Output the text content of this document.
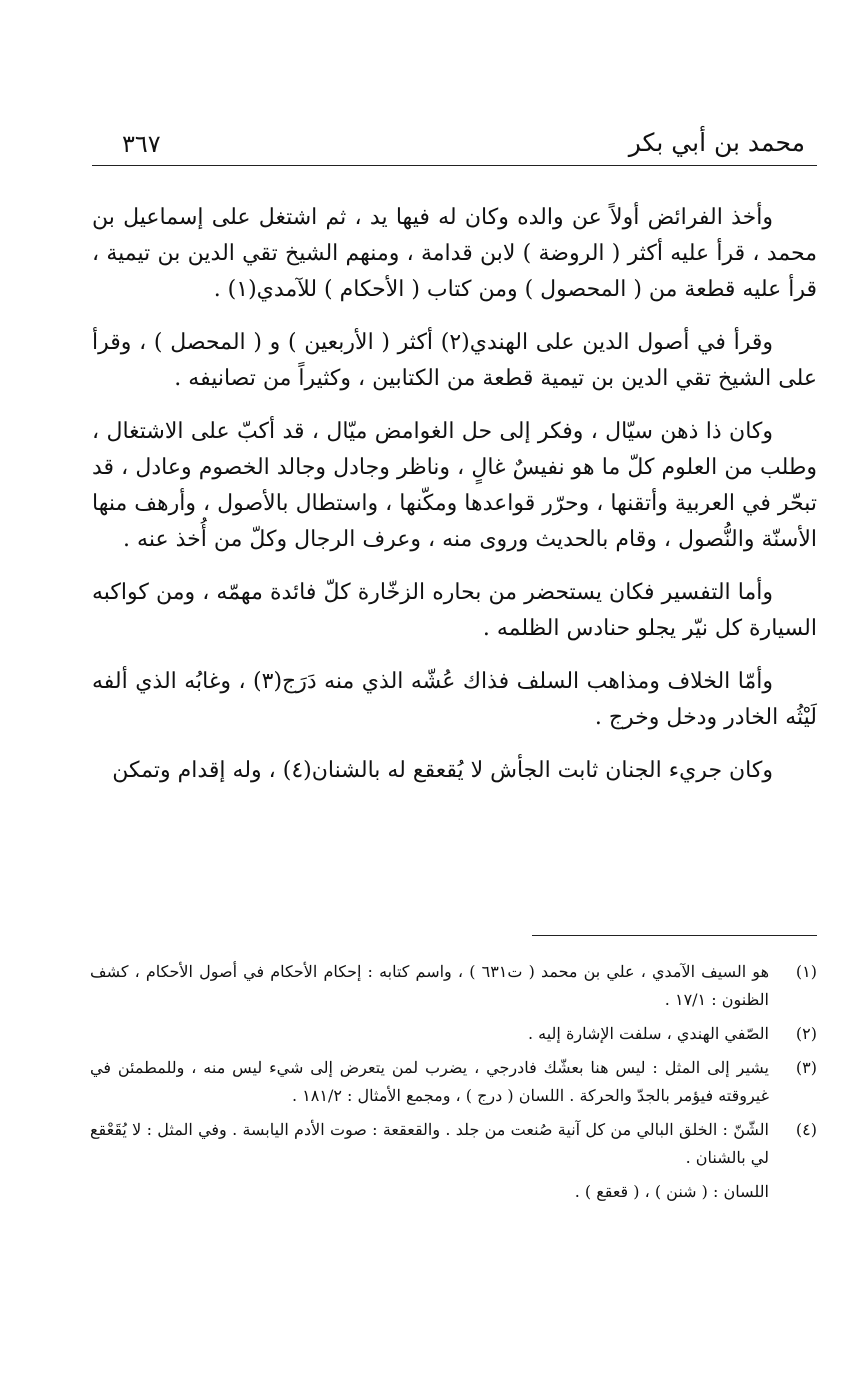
محمد بن أبي بكر
٣٦٧

وأخذ الفرائض أولاً عن والده وكان له فيها يد ، ثم اشتغل على إسماعيل بن محمد ، قرأ عليه أكثر ( الروضة ) لابن قدامة ، ومنهم الشيخ تقي الدين بن تيمية ، قرأ عليه قطعة من ( المحصول ) ومن كتاب ( الأحكام ) للآمدي(١) .

وقرأ في أصول الدين على الهندي(٢) أكثر ( الأربعين ) و ( المحصل ) ، وقرأ على الشيخ تقي الدين بن تيمية قطعة من الكتابين ، وكثيراً من تصانيفه .

وكان ذا ذهن سيّال ، وفكر إلى حل الغوامض ميّال ، قد أكبّ على الاشتغال ، وطلب من العلوم كلّ ما هو نفيسٌ غالٍ ، وناظر وجادل وجالد الخصوم وعادل ، قد تبحّر في العربية وأتقنها ، وحرّر قواعدها ومكّنها ، واستطال بالأصول ، وأرهف منها الأسنّة والنُّصول ، وقام بالحديث وروى منه ، وعرف الرجال وكلّ من أُخذ عنه .

وأما التفسير فكان يستحضر من بحاره الزخّارة كلّ فائدة مهمّه ، ومن كواكبه السيارة كل نيّر يجلو حنادس الظلمه .

وأمّا الخلاف ومذاهب السلف فذاك عُشّه الذي منه دَرَج(٣) ، وغابُه الذي ألفه لَيْثُه الخادر ودخل وخرج .

وكان جريء الجنان ثابت الجأش لا يُقعقع له بالشنان(٤) ، وله إقدام وتمكن

(١)
هو السيف الآمدي ، علي بن محمد ( ت٦٣١ ) ، واسم كتابه : إحكام الأحكام في أصول الأحكام ، كشف الظنون : ١٧/١ .
(٢)
الصّفي الهندي ، سلفت الإشارة إليه .
(٣)
يشير إلى المثل : ليس هنا بعشّك فادرجي ، يضرب لمن يتعرض إلى شيء ليس منه ، وللمطمئن في غيروقته فيؤمر بالجدّ والحركة . اللسان ( درج ) ، ومجمع الأمثال : ١٨١/٢ .
(٤)
الشّنّ : الخلق البالي من كل آنية صُنعت من جلد . والقعقعة : صوت الأدم اليابسة . وفي المثل : لا يُقَعْقع لي بالشنان .
اللسان : ( شنن ) ، ( قعقع ) .
